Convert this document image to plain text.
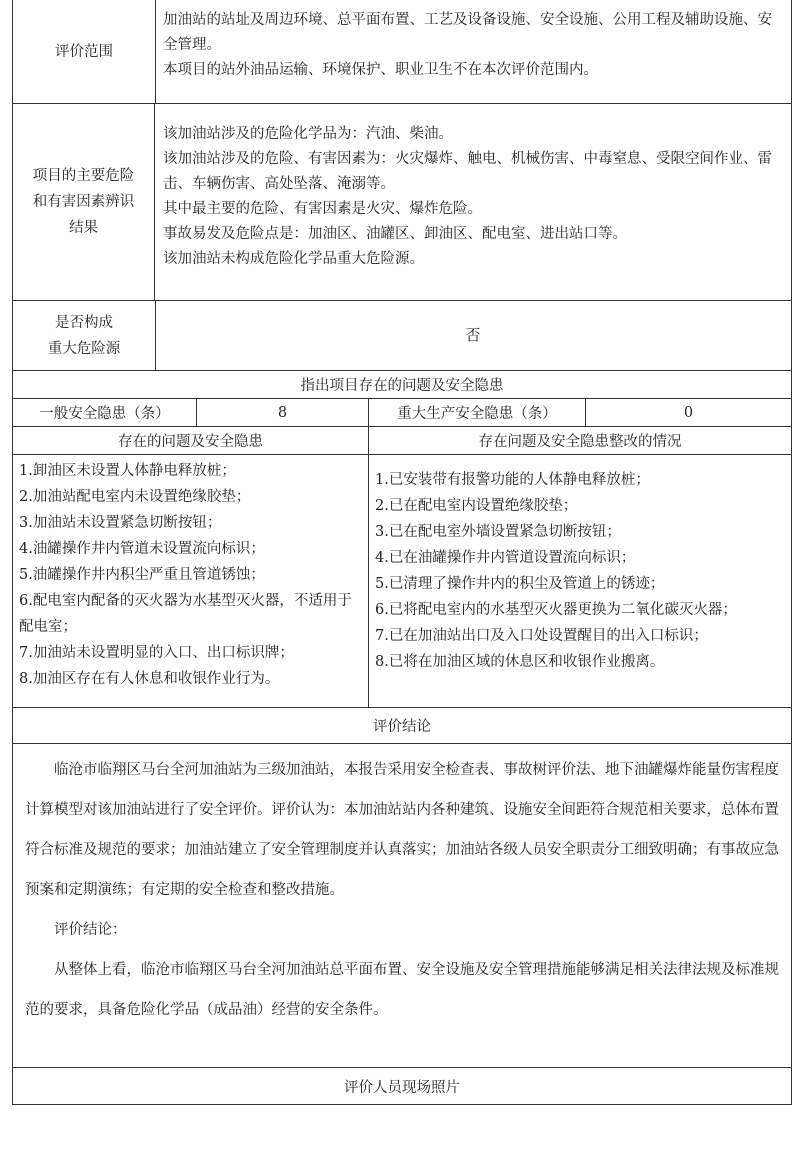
评价范围

加油站的站址及周边环境、总平面布置、工艺及设备设施、安全设施、公用工程及辅助设施、安全管理。

本项目的站外油品运输、环境保护、职业卫生不在本次评价范围内。

项目的主要危险和有害因素辨识结果

该加油站涉及的危险化学品为：汽油、柴油。

该加油站涉及的危险、有害因素为：火灾爆炸、触电、机械伤害、中毒窒息、受限空间作业、雷击、车辆伤害、高处坠落、淹溺等。

其中最主要的危险、有害因素是火灾、爆炸危险。

事故易发及危险点是：加油区、油罐区、卸油区、配电室、进出站口等。

该加油站未构成危险化学品重大危险源。

是否构成
重大危险源
否
指出项目存在的问题及安全隐患
一般安全隐患（条）	8	重大生产安全隐患（条）	0
存在的问题及安全隐患	存在问题及安全隐患整改的情况
1.卸油区未设置人体静电释放桩；
2.加油站配电室内未设置绝缘胶垫；
3.加油站未设置紧急切断按钮；
4.油罐操作井内管道未设置流向标识；
5.油罐操作井内积尘严重且管道锈蚀；
6.配电室内配备的灭火器为水基型灭火器，不适用于配电室；
7.加油站未设置明显的入口、出口标识牌；
8.加油区存在有人休息和收银作业行为。
1.已安装带有报警功能的人体静电释放桩；
2.已在配电室内设置绝缘胶垫；
3.已在配电室外墙设置紧急切断按钮；
4.已在油罐操作井内管道设置流向标识；
5.已清理了操作井内的积尘及管道上的锈迹；
6.已将配电室内的水基型灭火器更换为二氧化碳灭火器；
7.已在加油站出口及入口处设置醒目的出入口标识；
8.已将在加油区域的休息区和收银作业搬离。
评价结论

临沧市临翔区马台全河加油站为三级加油站，本报告采用安全检查表、事故树评价法、地下油罐爆炸能量伤害程度计算模型对该加油站进行了安全评价。评价认为：本加油站站内各种建筑、设施安全间距符合规范相关要求，总体布置符合标准及规范的要求；加油站建立了安全管理制度并认真落实；加油站各级人员安全职责分工细致明确；有事故应急预案和定期演练；有定期的安全检查和整改措施。

评价结论：

从整体上看，临沧市临翔区马台全河加油站总平面布置、安全设施及安全管理措施能够满足相关法律法规及标准规范的要求，具备危险化学品（成品油）经营的安全条件。

评价人员现场照片
